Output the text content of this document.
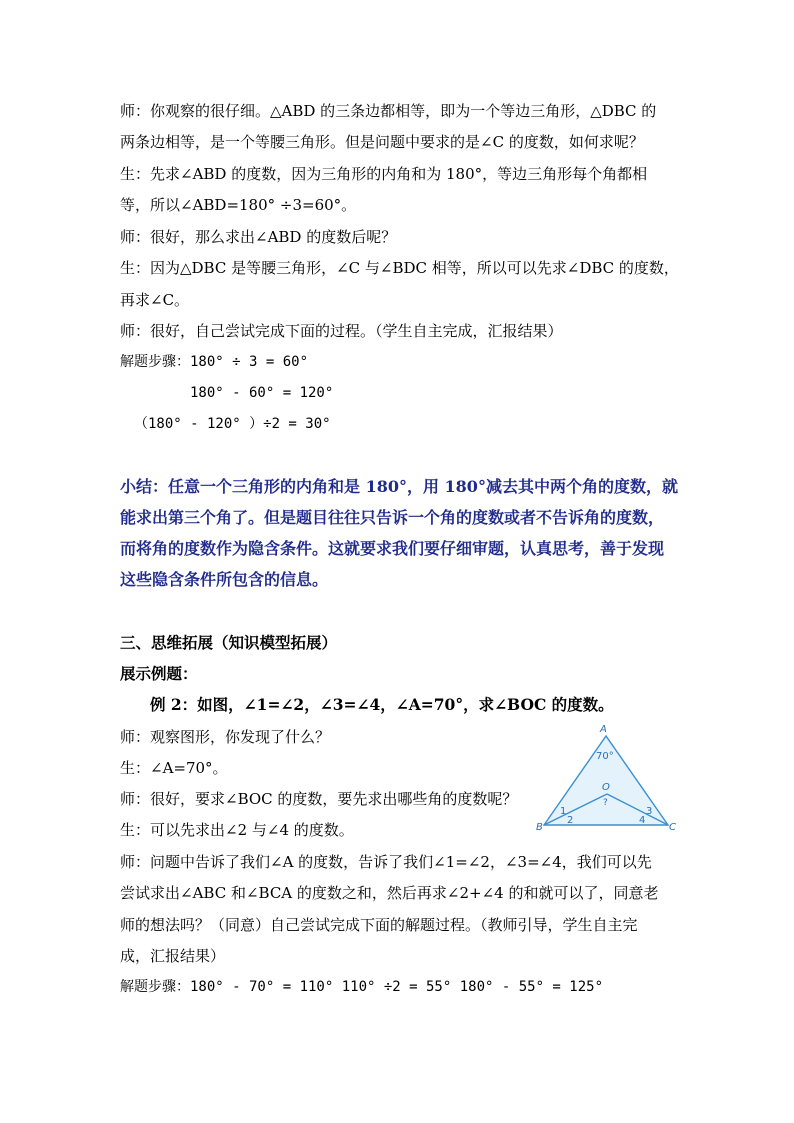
师：你观察的很仔细。△ABD 的三条边都相等，即为一个等边三角形，△DBC 的
两条边相等，是一个等腰三角形。但是问题中要求的是∠C 的度数，如何求呢？
生：先求∠ABD 的度数，因为三角形的内角和为 180°，等边三角形每个角都相
等，所以∠ABD=180° ÷3=60°。
师：很好，那么求出∠ABD 的度数后呢？
生：因为△DBC 是等腰三角形，∠C 与∠BDC 相等，所以可以先求∠DBC 的度数，
再求∠C。
师：很好，自己尝试完成下面的过程。（学生自主完成，汇报结果）
解题步骤：180° ÷ 3 = 60°
180° - 60° = 120°
（180° - 120° ）÷2 = 30°
小结：任意一个三角形的内角和是 180°，用 180°减去其中两个角的度数，就
能求出第三个角了。但是题目往往只告诉一个角的度数或者不告诉角的度数，
而将角的度数作为隐含条件。这就要求我们要仔细审题，认真思考，善于发现
这些隐含条件所包含的信息。
三、思维拓展（知识模型拓展）
展示例题：
例 2：如图，∠1=∠2，∠3=∠4，∠A=70°，求∠BOC 的度数。
师：观察图形，你发现了什么？
生：∠A=70°。
师：很好，要求∠BOC 的度数，要先求出哪些角的度数呢？
生：可以先求出∠2 与∠4 的度数。
师：问题中告诉了我们∠A 的度数，告诉了我们∠1=∠2，∠3=∠4，我们可以先
尝试求出∠ABC 和∠BCA 的度数之和，然后再求∠2+∠4 的和就可以了，同意老
师的想法吗？（同意）自己尝试完成下面的解题过程。（教师引导，学生自主完
成，汇报结果）
解题步骤：180° - 70° = 110° 110° ÷2 = 55° 180° - 55° = 125°
A
B	C
O
70°
?
1
2
3
4
